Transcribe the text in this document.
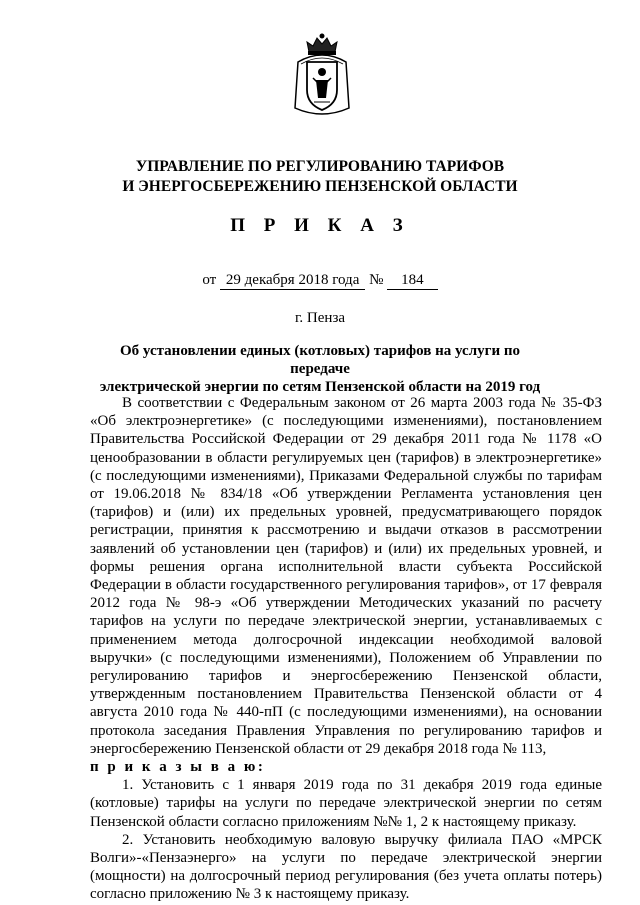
УПРАВЛЕНИЕ ПО РЕГУЛИРОВАНИЮ ТАРИФОВ
И ЭНЕРГОСБЕРЕЖЕНИЮ ПЕНЗЕНСКОЙ ОБЛАСТИ
П Р И К А З
от 29 декабря 2018 года № 184
г. Пенза
Об установлении единых (котловых) тарифов на услуги по передаче
электрической энергии по сетям Пензенской области на 2019 год

В соответствии с Федеральным законом от 26 марта 2003 года № 35-ФЗ «Об электроэнергетике» (с последующими изменениями), постановлением Правительства Российской Федерации от 29 декабря 2011 года № 1178 «О ценообразовании в области регулируемых цен (тарифов) в электроэнергетике» (с последующими изменениями), Приказами Федеральной службы по тарифам от 19.06.2018 № 834/18 «Об утверждении Регламента установления цен (тарифов) и (или) их предельных уровней, предусматривающего порядок регистрации, принятия к рассмотрению и выдачи отказов в рассмотрении заявлений об установлении цен (тарифов) и (или) их предельных уровней, и формы решения органа исполнительной власти субъекта Российской Федерации в области государственного регулирования тарифов», от 17 февраля 2012 года № 98-э «Об утверждении Методических указаний по расчету тарифов на услуги по передаче электрической энергии, устанавливаемых с применением метода долгосрочной индексации необходимой валовой выручки» (с последующими изменениями), Положением об Управлении по регулированию тарифов и энергосбережению Пензенской области, утвержденным постановлением Правительства Пензенской области от 4 августа 2010 года № 440-пП (с последующими изменениями), на основании протокола заседания Правления Управления по регулированию тарифов и энергосбережению Пензенской области от 29 декабря 2018 года № 113,

п р и к а з ы в а ю:

1. Установить с 1 января 2019 года по 31 декабря 2019 года единые (котловые) тарифы на услуги по передаче электрической энергии по сетям Пензенской области согласно приложениям №№ 1, 2 к настоящему приказу.

2. Установить необходимую валовую выручку филиала ПАО «МРСК Волги»-«Пензаэнерго» на услуги по передаче электрической энергии (мощности) на долгосрочный период регулирования (без учета оплаты потерь) согласно приложению № 3 к настоящему приказу.
